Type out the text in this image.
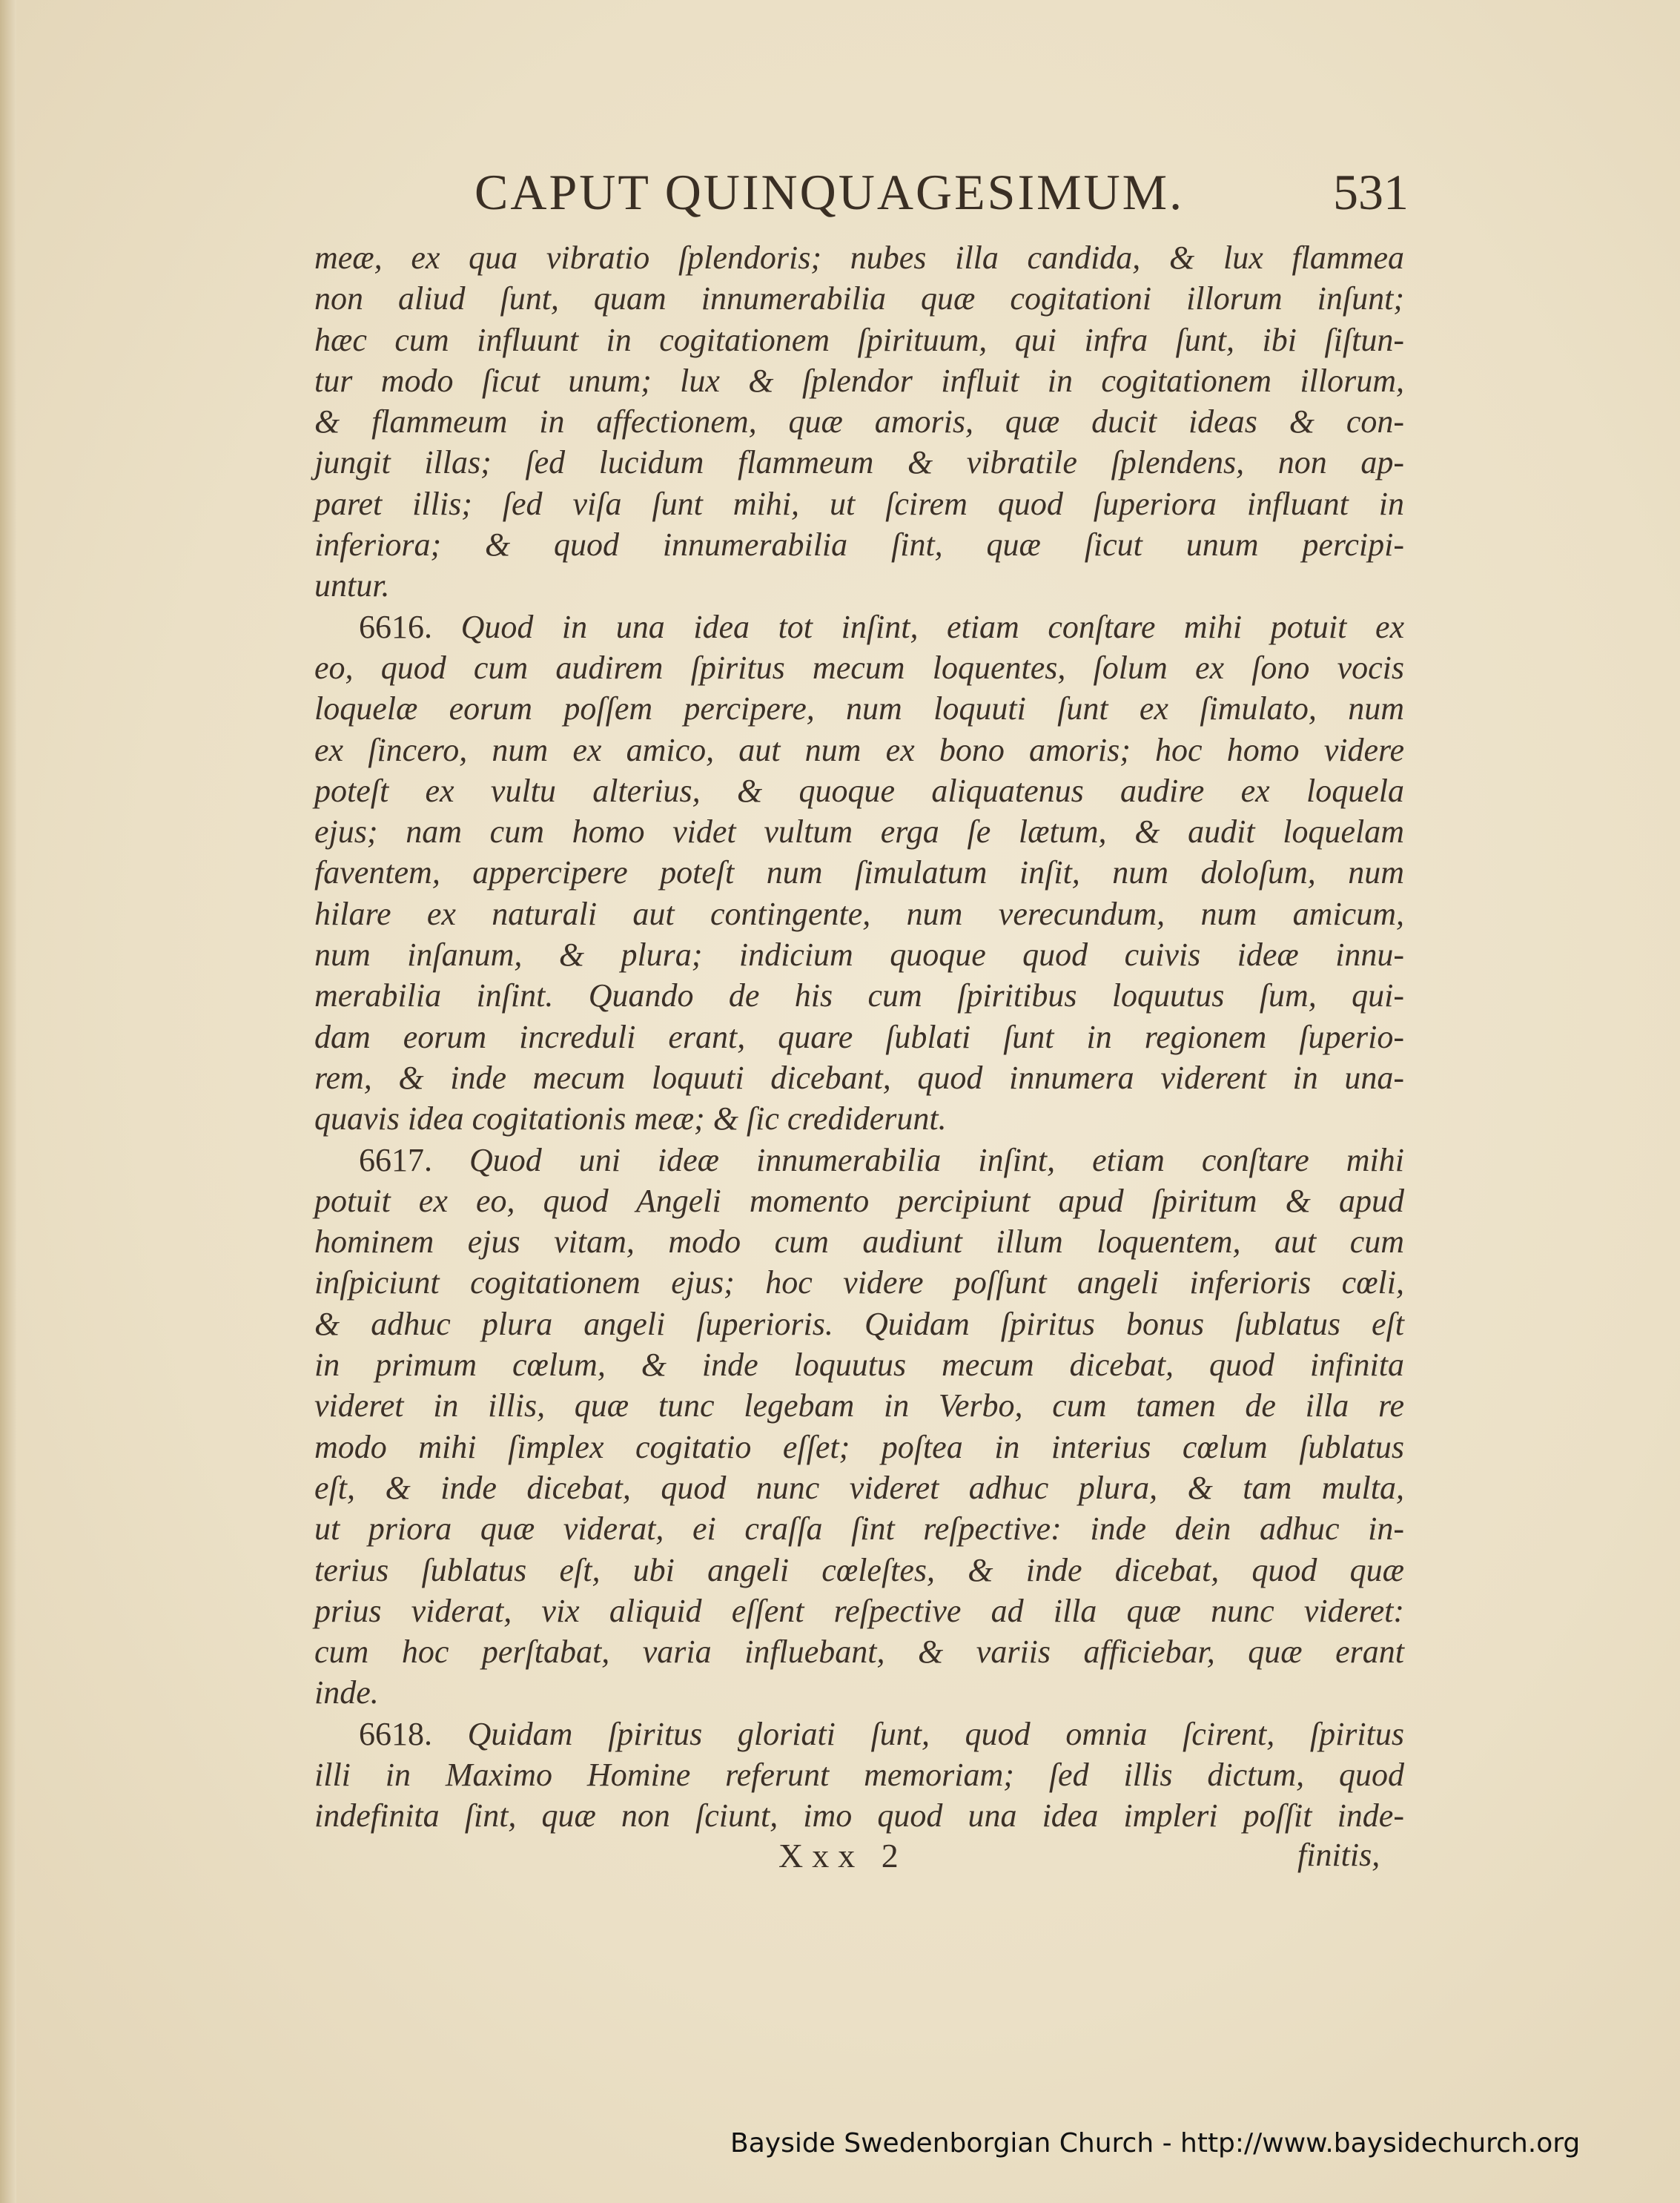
CAPUT QUINQUAGESIMUM.	531
meæ, ex qua vibratio ſplendoris; nubes illa candida, & lux flammea
non aliud ſunt, quam innumerabilia quæ cogitationi illorum inſunt;
hæc cum influunt in cogitationem ſpirituum, qui infra ſunt, ibi ſiſtun-
tur modo ſicut unum; lux & ſplendor influit in cogitationem illorum,
& flammeum in affectionem, quæ amoris, quæ ducit ideas & con-
jungit illas; ſed lucidum flammeum & vibratile ſplendens, non ap-
paret illis; ſed viſa ſunt mihi, ut ſcirem quod ſuperiora influant in
inferiora; & quod innumerabilia ſint, quæ ſicut unum percipi-
untur.
6616. Quod in una idea tot inſint, etiam conſtare mihi potuit ex
eo, quod cum audirem ſpiritus mecum loquentes, ſolum ex ſono vocis
loquelæ eorum poſſem percipere, num loquuti ſunt ex ſimulato, num
ex ſincero, num ex amico, aut num ex bono amoris; hoc homo videre
poteſt ex vultu alterius, & quoque aliquatenus audire ex loquela
ejus; nam cum homo videt vultum erga ſe lætum, & audit loquelam
faventem, appercipere poteſt num ſimulatum inſit, num doloſum, num
hilare ex naturali aut contingente, num verecundum, num amicum,
num inſanum, & plura; indicium quoque quod cuivis ideæ innu-
merabilia inſint. Quando de his cum ſpiritibus loquutus ſum, qui-
dam eorum increduli erant, quare ſublati ſunt in regionem ſuperio-
rem, & inde mecum loquuti dicebant, quod innumera viderent in una-
quavis idea cogitationis meæ; & ſic crediderunt.
6617. Quod uni ideæ innumerabilia inſint, etiam conſtare mihi
potuit ex eo, quod Angeli momento percipiunt apud ſpiritum & apud
hominem ejus vitam, modo cum audiunt illum loquentem, aut cum
inſpiciunt cogitationem ejus; hoc videre poſſunt angeli inferioris cœli,
& adhuc plura angeli ſuperioris. Quidam ſpiritus bonus ſublatus eſt
in primum cœlum, & inde loquutus mecum dicebat, quod infinita
videret in illis, quæ tunc legebam in Verbo, cum tamen de illa re
modo mihi ſimplex cogitatio eſſet; poſtea in interius cœlum ſublatus
eſt, & inde dicebat, quod nunc videret adhuc plura, & tam multa,
ut priora quæ viderat, ei craſſa ſint reſpective: inde dein adhuc in-
terius ſublatus eſt, ubi angeli cœleſtes, & inde dicebat, quod quæ
prius viderat, vix aliquid eſſent reſpective ad illa quæ nunc videret:
cum hoc perſtabat, varia influebant, & variis afficiebar, quæ erant
inde.
6618. Quidam ſpiritus gloriati ſunt, quod omnia ſcirent, ſpiritus
illi in Maximo Homine referunt memoriam; ſed illis dictum, quod
indefinita ſint, quæ non ſciunt, imo quod una idea impleri poſſit inde-
Xxx 2	finitis,
Bayside Swedenborgian Church - http://www.baysidechurch.org
